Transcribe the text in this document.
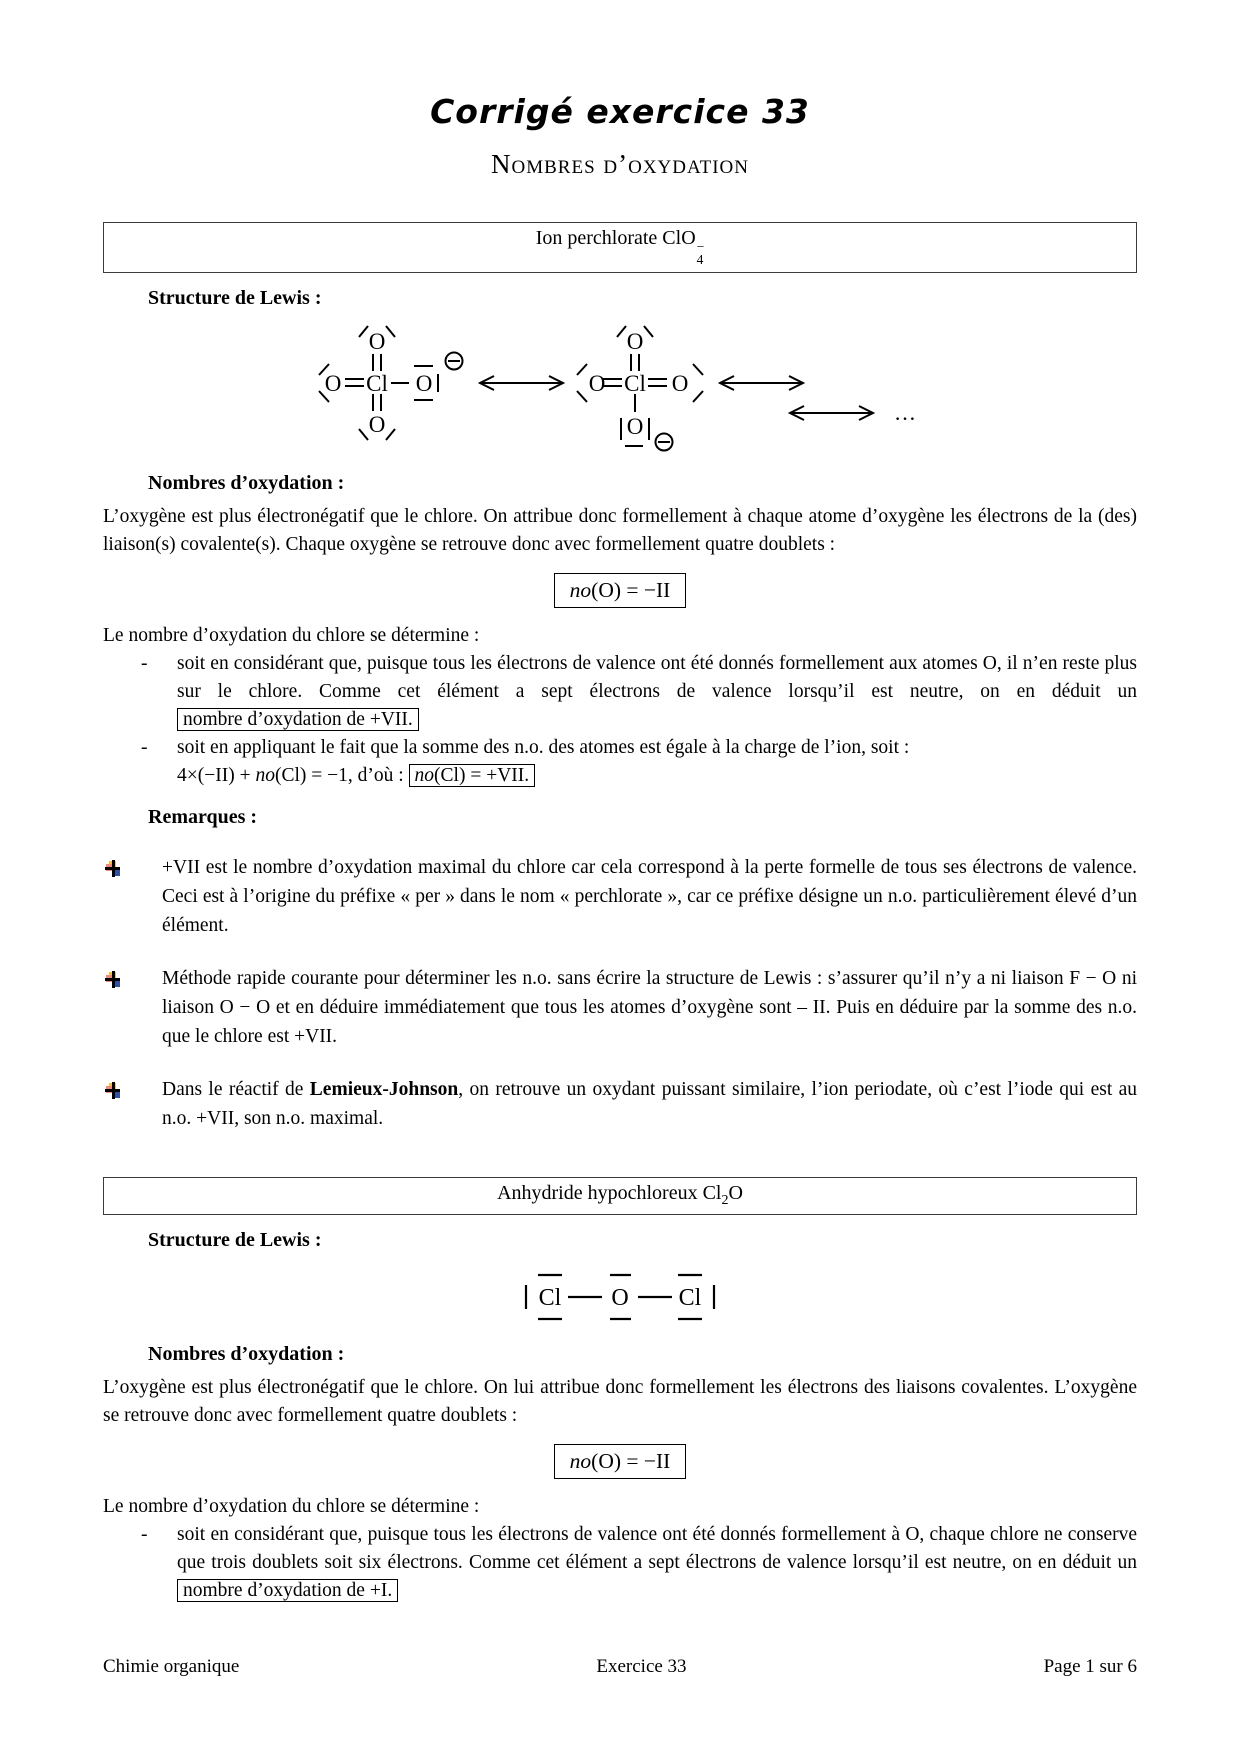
Corrigé exercice 33
Nombres d’oxydation
Ion perchlorate ClO −
4
Structure de Lewis :
O
O Cl O
O
O
O Cl O
O
…
Nombres d’oxydation :

L’oxygène est plus électronégatif que le chlore. On attribue donc formellement à chaque atome d’oxygène les électrons de la (des) liaison(s) covalente(s). Chaque oxygène se retrouve donc avec formellement quatre doublets :

no(O) = −II

Le nombre d’oxydation du chlore se détermine :

-	soit en considérant que, puisque tous les électrons de valence ont été donnés formellement aux atomes O, il n’en reste plus sur le chlore. Comme cet élément a sept électrons de valence lorsqu’il est neutre, on en déduit un nombre d’oxydation de +VII.
-	soit en appliquant le fait que la somme des n.o. des atomes est égale à la charge de l’ion, soit :
4×(−II) + no(Cl) = −1, d’où : no(Cl) = +VII.
Remarques :
+VII est le nombre d’oxydation maximal du chlore car cela correspond à la perte formelle de tous ses électrons de valence. Ceci est à l’origine du préfixe « per » dans le nom « perchlorate », car ce préfixe désigne un n.o. particulièrement élevé d’un élément.
Méthode rapide courante pour déterminer les n.o. sans écrire la structure de Lewis : s’assurer qu’il n’y a ni liaison F − O ni liaison O − O et en déduire immédiatement que tous les atomes d’oxygène sont – II. Puis en déduire par la somme des n.o. que le chlore est +VII.
Dans le réactif de Lemieux-Johnson, on retrouve un oxydant puissant similaire, l’ion periodate, où c’est l’iode qui est au n.o. +VII, son n.o. maximal.
Anhydride hypochloreux $Cl_2O$
Structure de Lewis :
Cl O Cl
Nombres d’oxydation :

L’oxygène est plus électronégatif que le chlore. On lui attribue donc formellement les électrons des liaisons covalentes. L’oxygène se retrouve donc avec formellement quatre doublets :

no(O) = −II

Le nombre d’oxydation du chlore se détermine :

-	soit en considérant que, puisque tous les électrons de valence ont été donnés formellement à O, chaque chlore ne conserve que trois doublets soit six électrons. Comme cet élément a sept électrons de valence lorsqu’il est neutre, on en déduit un nombre d’oxydation de +I.
Chimie organique	Exercice 33	Page 1 sur 6
